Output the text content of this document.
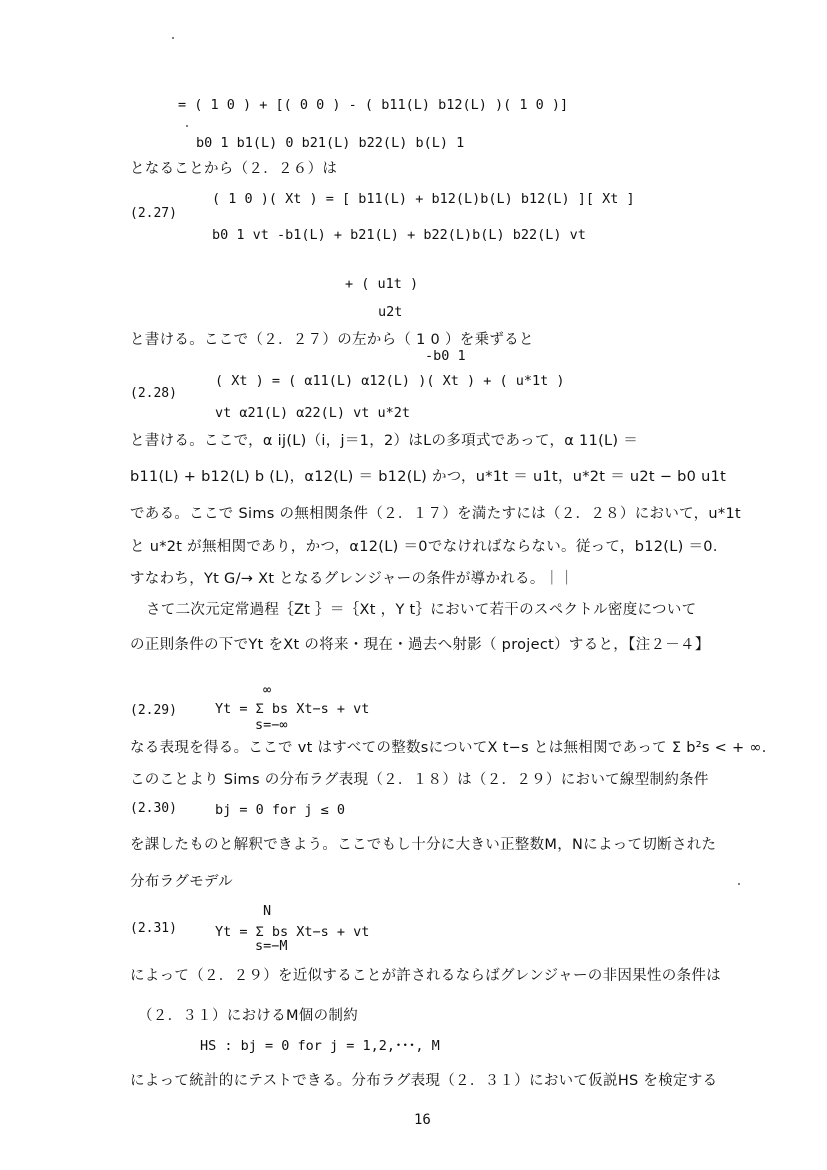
= ( 1 0 ) + [( 0 0 ) - ( b11(L) b12(L) )( 1 0 )]
b0 1 b1(L) 0 b21(L) b22(L) b(L) 1
となることから（２．２６）は
(2.27)
( 1 0 )( Xt ) = [ b11(L) + b12(L)b(L) b12(L) ][ Xt ]
b0 1 vt -b1(L) + b21(L) + b22(L)b(L) b22(L) vt
+ ( u1t )
u2t
と書ける。ここで（２．２７）の左から（ 1 0 ）を乗ずると
-b0 1
(2.28)
( Xt ) = ( α11(L) α12(L) )( Xt ) + ( u*1t )
vt α21(L) α22(L) vt u*2t
と書ける。ここで，α ij(L)（i，j＝1，2）はLの多項式であって，α 11(L) ＝
b11(L) + b12(L) b (L)，α12(L) ＝ b12(L) かつ，u*1t ＝ u1t，u*2t ＝ u2t − b0 u1t
である。ここで Sims の無相関条件（２．１７）を満たすには（２．２８）において，u*1t
と u*2t が無相関であり，かつ，α12(L) ＝0でなければならない。従って，b12(L) ＝0．
すなわち，Yt G/→ Xt となるグレンジャーの条件が導かれる。｜｜
さて二次元定常過程｛Zt ｝＝｛Xt ，Y t｝において若干のスペクトル密度について
の正則条件の下でYt をXt の将来・現在・過去へ射影（ project）すると，【注２－４】
(2.29)	Yt = Σ bs Xt−s + vt
s=−∞
∞
なる表現を得る。ここで vt はすべての整数sについてX t−s とは無相関であって Σ b²s < + ∞．
このことより Sims の分布ラグ表現（２．１８）は（２．２９）において線型制約条件
(2.30)	bj = 0 for j ≤ 0
を課したものと解釈できよう。ここでもし十分に大きい正整数M，Nによって切断された
分布ラグモデル
(2.31)
N
Yt = Σ bs Xt−s + vt
s=−M
によって（２．２９）を近似することが許されるならばグレンジャーの非因果性の条件は
（２．３１）におけるM個の制約
HS : bj = 0 for j = 1,2,･･･, M
によって統計的にテストできる。分布ラグ表現（２．３１）において仮説HS を検定する
16
